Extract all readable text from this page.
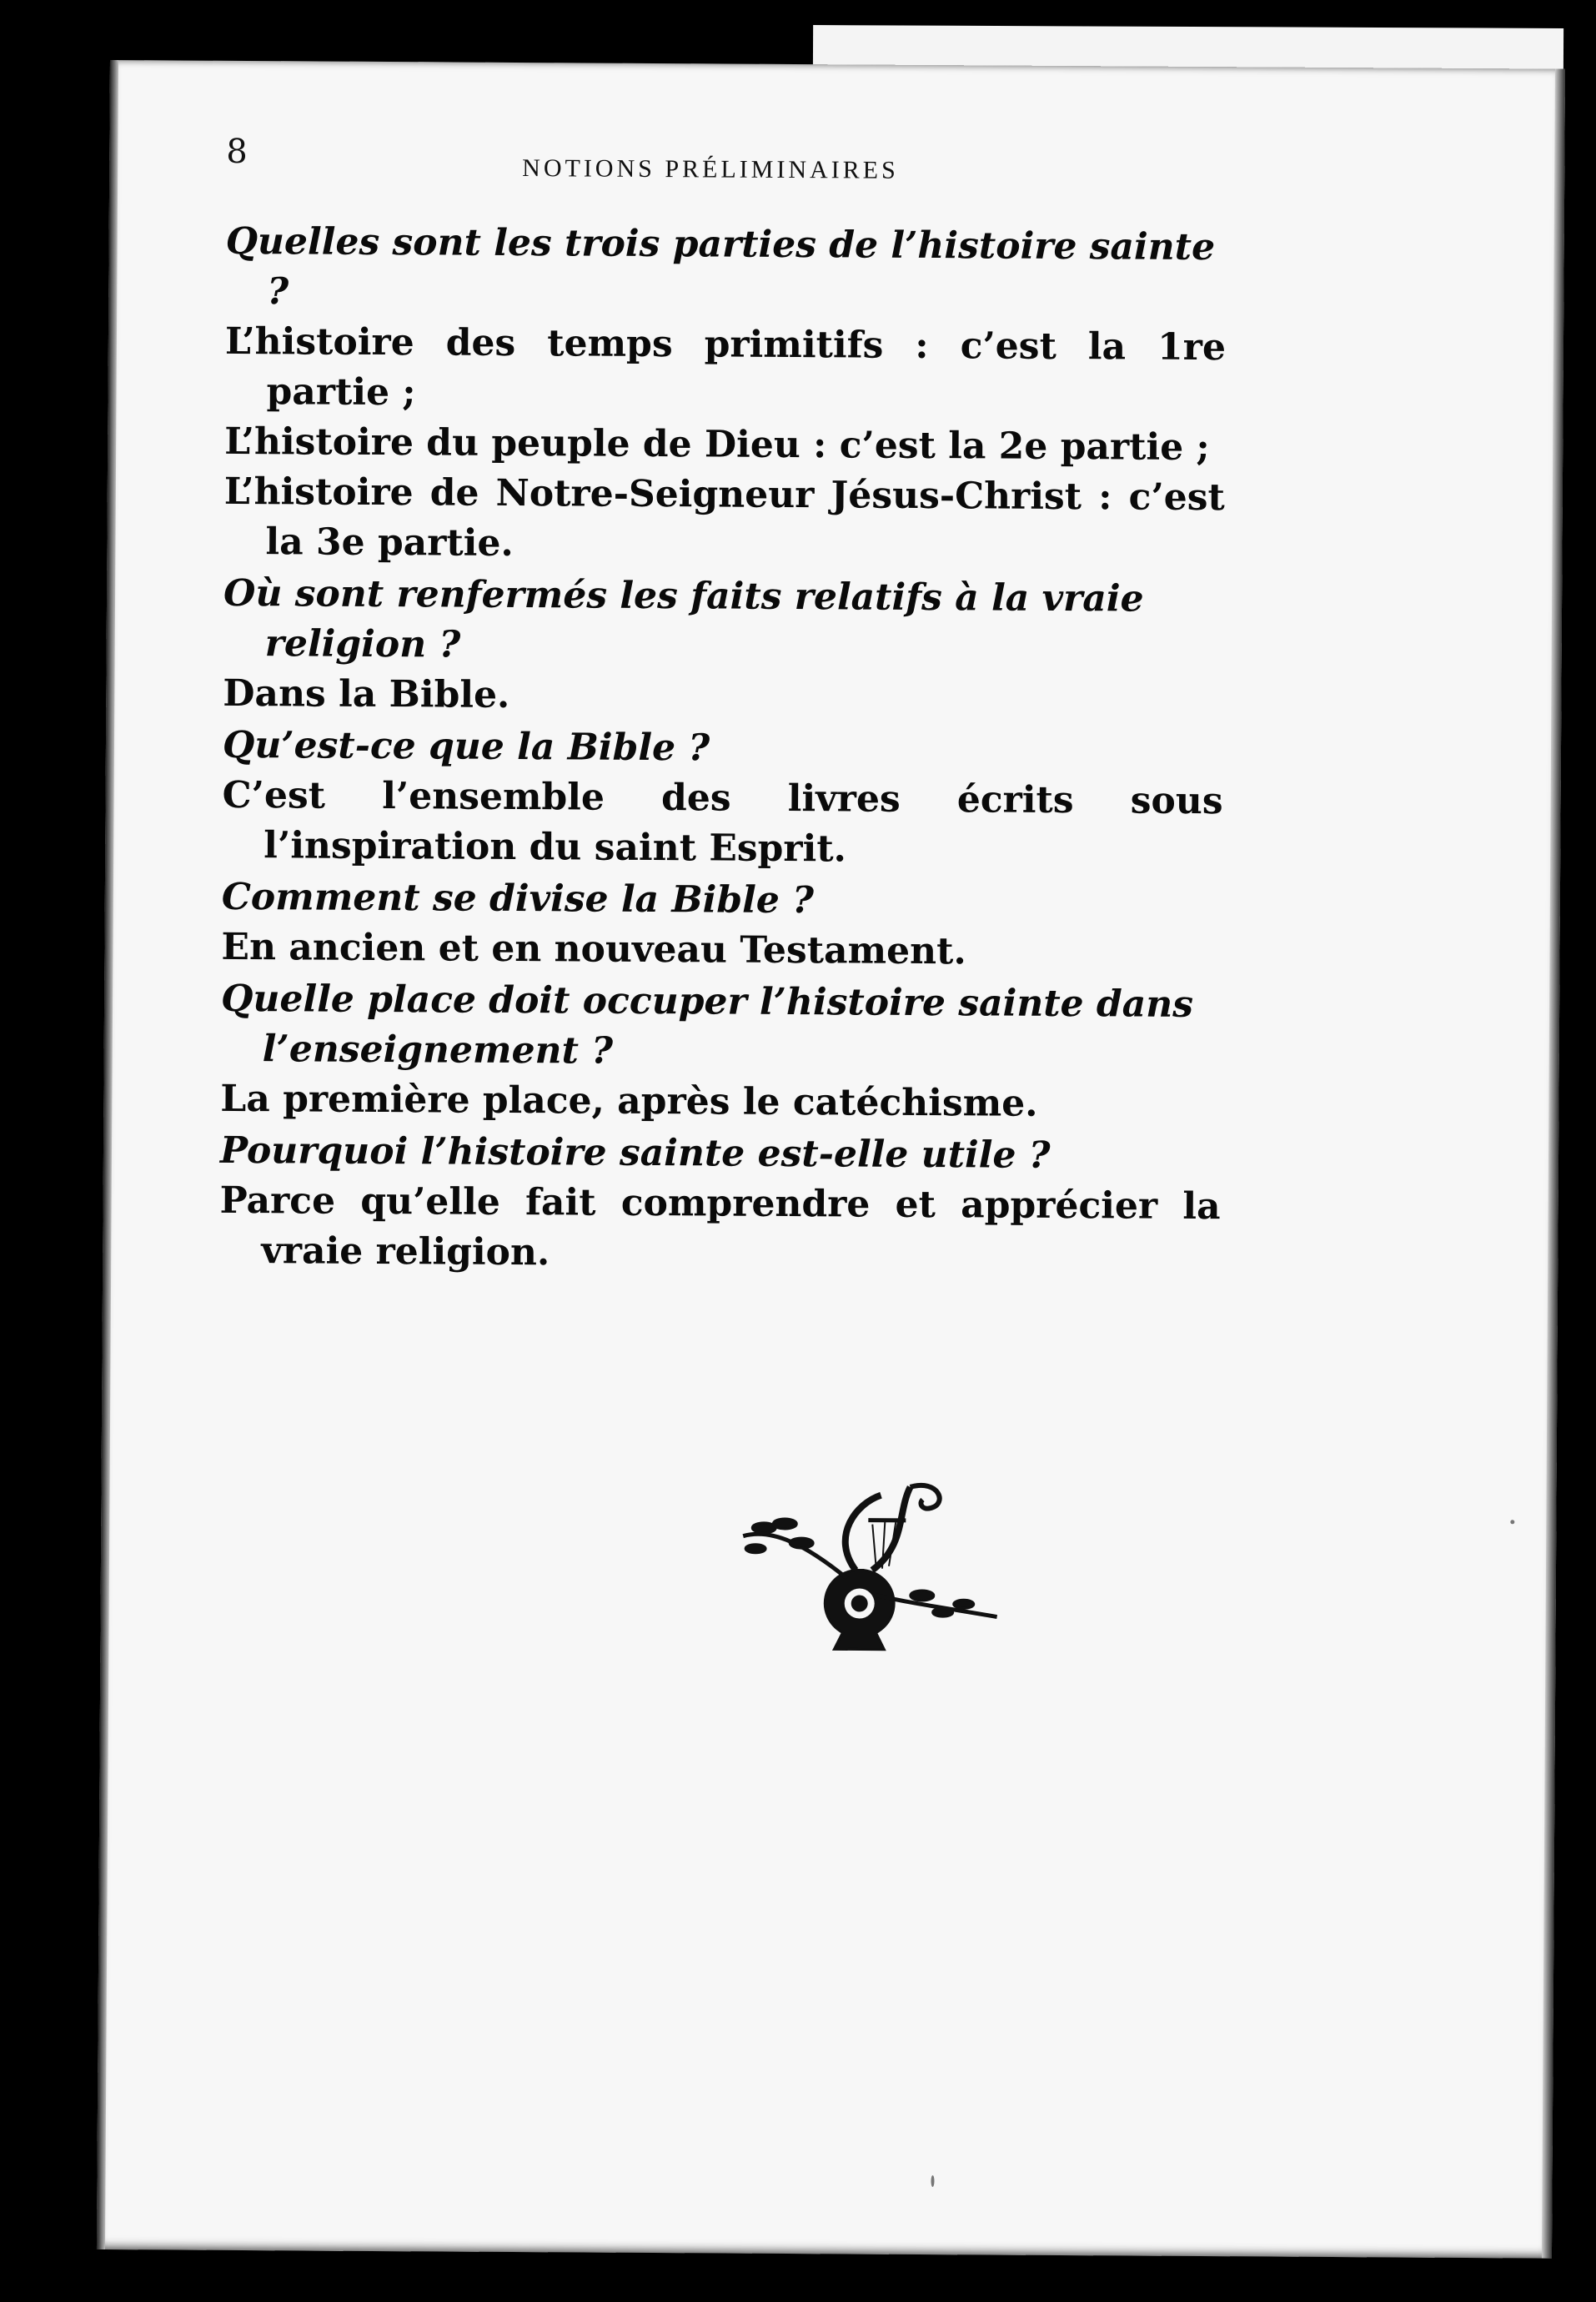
8	NOTIONS PRÉLIMINAIRES

Quelles sont les trois parties de l’histoire sainte ?

L’histoire des temps primitifs : c’est la 1re partie ;

L’histoire du peuple de Dieu : c’est la 2e partie ;

L’histoire de Notre-Seigneur Jésus-Christ : c’est la 3e partie.

Où sont renfermés les faits relatifs à la vraie religion ?

Dans la Bible.

Qu’est-ce que la Bible ?

C’est l’ensemble des livres écrits sous l’inspiration du saint Esprit.

Comment se divise la Bible ?

En ancien et en nouveau Testament.

Quelle place doit occuper l’histoire sainte dans l’enseignement ?

La première place, après le catéchisme.

Pourquoi l’histoire sainte est-elle utile ?

Parce qu’elle fait comprendre et apprécier la vraie religion.
